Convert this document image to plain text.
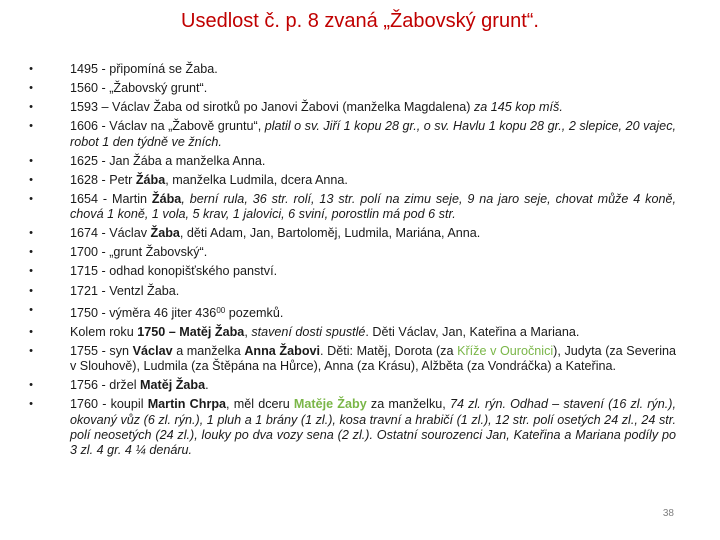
Usedlost č. p. 8 zvaná „Žabovský grunt“.
•	1495 - připomíná se Žaba.
•	1560 - „Žabovský grunt“.
•	1593 – Václav Žaba od sirotků po Janovi Žabovi (manželka Magdalena) za 145 kop míš.
•	1606 - Václav na „Žabově gruntu“, platil o sv. Jiří 1 kopu 28 gr., o sv. Havlu 1 kopu 28 gr., 2 slepice, 20 vajec, robot 1 den týdně ve žních.
•	1625 - Jan Žába a manželka Anna.
•	1628 - Petr Žába, manželka Ludmila, dcera Anna.
•	1654 - Martin Žába, berní rula, 36 str. rolí, 13 str. polí na zimu seje, 9 na jaro seje, chovat může 4 koně, chová 1 koně, 1 vola, 5 krav, 1 jalovici, 6 sviní, porostlin má pod 6 str.
•	1674 - Václav Žaba, děti Adam, Jan, Bartoloměj, Ludmila, Mariána, Anna.
•	1700 - „grunt Žabovský“.
•	1715 - odhad konopišťského panství.
•	1721 - Ventzl Žaba.
•	1750 - výměra 46 jiter $436^{00}$ pozemků.
•	Kolem roku 1750 – Matěj Žaba, stavení dosti spustlé. Děti Václav, Jan, Kateřina a Mariana.
•	1755 - syn Václav a manželka Anna Žabovi. Děti: Matěj, Dorota (za Kříže v Ouročnici), Judyta (za Severina v Slouhově), Ludmila (za Štěpána na Hůrce), Anna (za Krásu), Alžběta (za Vondráčka) a Kateřina.
•	1756 - držel Matěj Žaba.
•	1760 - koupil Martin Chrpa, měl dceru Matěje Žaby za manželku, 74 zl. rýn. Odhad – stavení (16 zl. rýn.), okovaný vůz (6 zl. rýn.), 1 pluh a 1 brány (1 zl.), kosa travní a hrabičí (1 zl.), 12 str. polí osetých 24 zl., 24 str. polí neosetých (24 zl.), louky po dva vozy sena (2 zl.). Ostatní sourozenci Jan, Kateřina a Mariana podíly po 3 zl. 4 gr. 4 ¼ denáru.
38
